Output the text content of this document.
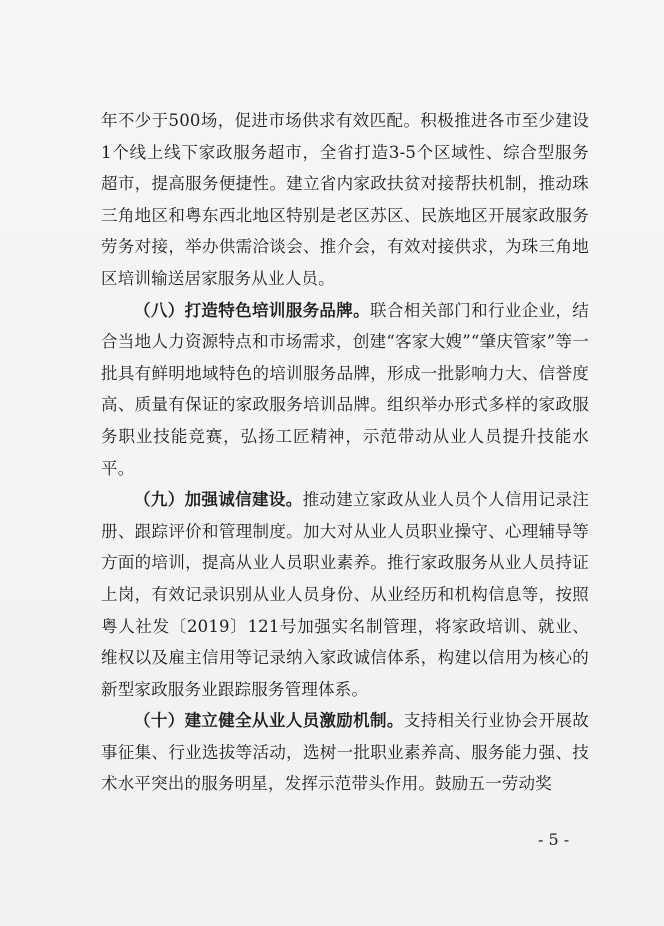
年不少于500场，促进市场供求有效匹配。积极推进各市至少建设1个线上线下家政服务超市，全省打造3-5个区域性、综合型服务超市，提高服务便捷性。建立省内家政扶贫对接帮扶机制，推动珠三角地区和粤东西北地区特别是老区苏区、民族地区开展家政服务劳务对接，举办供需洽谈会、推介会，有效对接供求，为珠三角地区培训输送居家服务从业人员。

（八）打造特色培训服务品牌。联合相关部门和行业企业，结合当地人力资源特点和市场需求，创建“客家大嫂”“肇庆管家”等一批具有鲜明地域特色的培训服务品牌，形成一批影响力大、信誉度高、质量有保证的家政服务培训品牌。组织举办形式多样的家政服务职业技能竞赛，弘扬工匠精神，示范带动从业人员提升技能水平。

（九）加强诚信建设。推动建立家政从业人员个人信用记录注册、跟踪评价和管理制度。加大对从业人员职业操守、心理辅导等方面的培训，提高从业人员职业素养。推行家政服务从业人员持证上岗，有效记录识别从业人员身份、从业经历和机构信息等，按照粤人社发〔2019〕121号加强实名制管理，将家政培训、就业、维权以及雇主信用等记录纳入家政诚信体系，构建以信用为核心的新型家政服务业跟踪服务管理体系。

（十）建立健全从业人员激励机制。支持相关行业协会开展故事征集、行业选拔等活动，选树一批职业素养高、服务能力强、技术水平突出的服务明星，发挥示范带头作用。鼓励五一劳动奖

- 5 -
